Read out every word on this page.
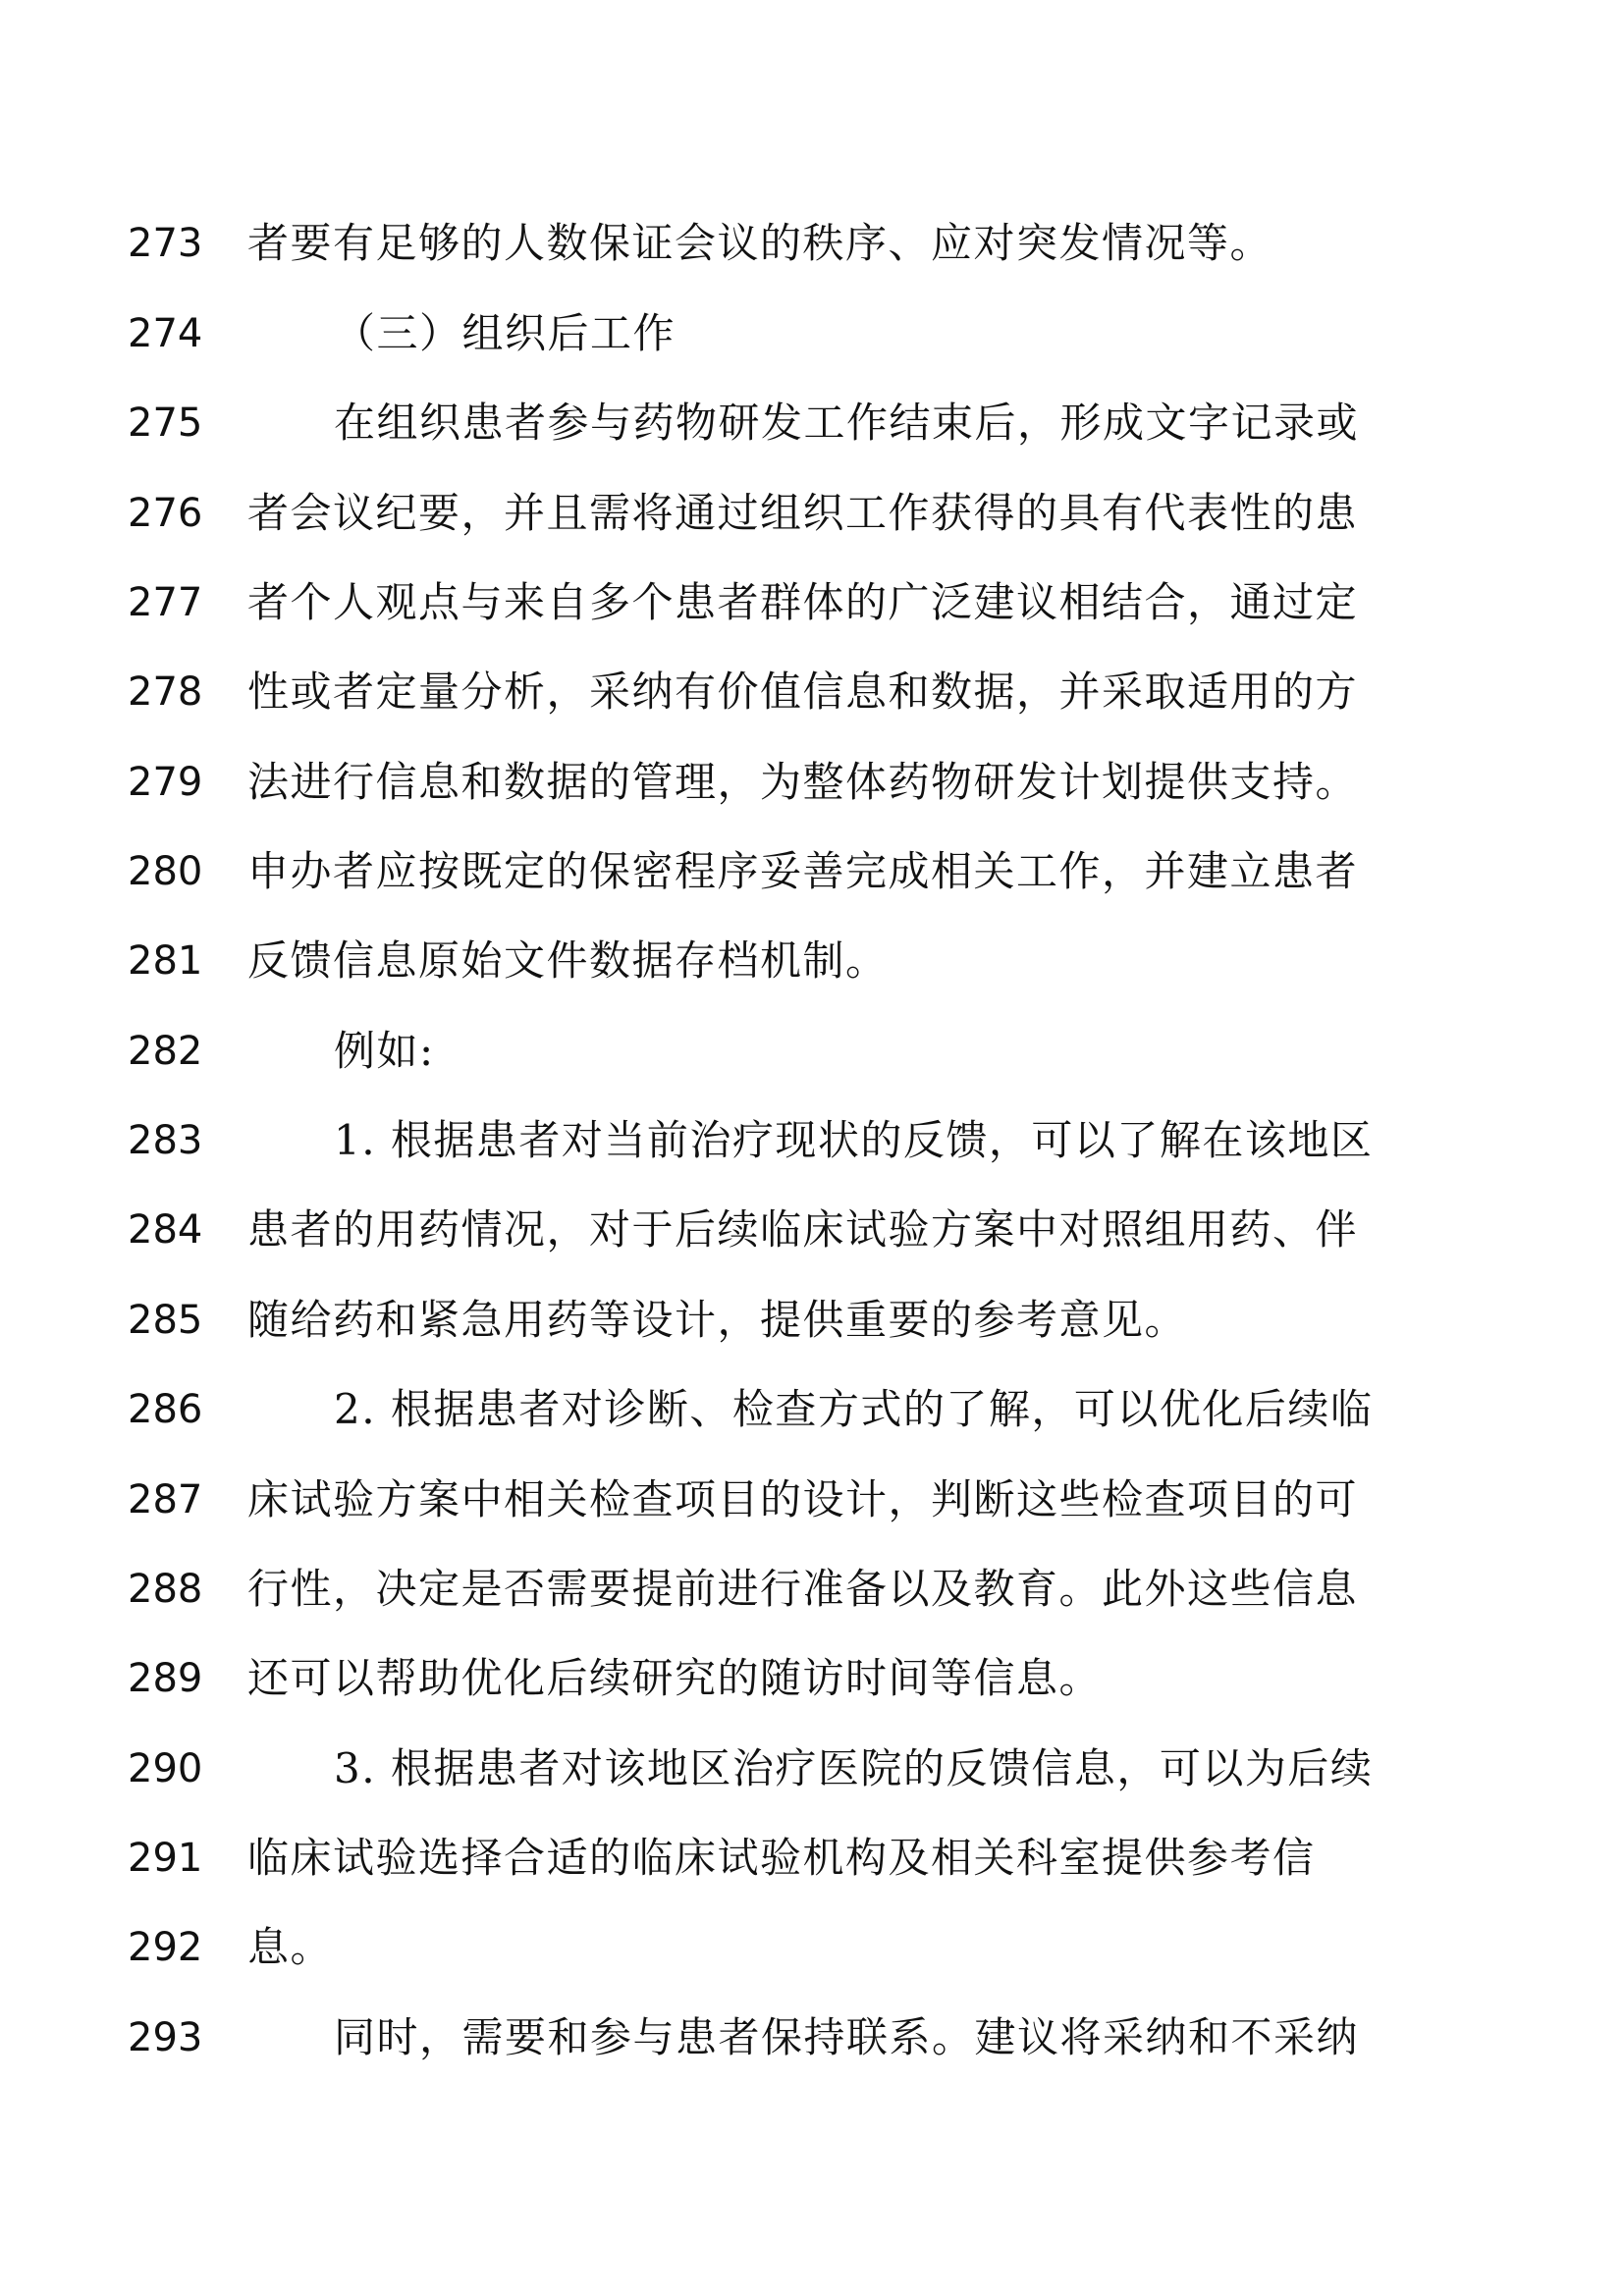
273	者要有足够的人数保证会议的秩序、应对突发情况等。
274	（三）组织后工作
275	在组织患者参与药物研发工作结束后，形成文字记录或
276	者会议纪要，并且需将通过组织工作获得的具有代表性的患
277	者个人观点与来自多个患者群体的广泛建议相结合，通过定
278	性或者定量分析，采纳有价值信息和数据，并采取适用的方
279	法进行信息和数据的管理，为整体药物研发计划提供支持。
280	申办者应按既定的保密程序妥善完成相关工作，并建立患者
281	反馈信息原始文件数据存档机制。
282	例如:
283	1. 根据患者对当前治疗现状的反馈，可以了解在该地区
284	患者的用药情况，对于后续临床试验方案中对照组用药、伴
285	随给药和紧急用药等设计，提供重要的参考意见。
286	2. 根据患者对诊断、检查方式的了解，可以优化后续临
287	床试验方案中相关检查项目的设计，判断这些检查项目的可
288	行性，决定是否需要提前进行准备以及教育。此外这些信息
289	还可以帮助优化后续研究的随访时间等信息。
290	3. 根据患者对该地区治疗医院的反馈信息，可以为后续
291	临床试验选择合适的临床试验机构及相关科室提供参考信
292	息。
293	同时，需要和参与患者保持联系。建议将采纳和不采纳
